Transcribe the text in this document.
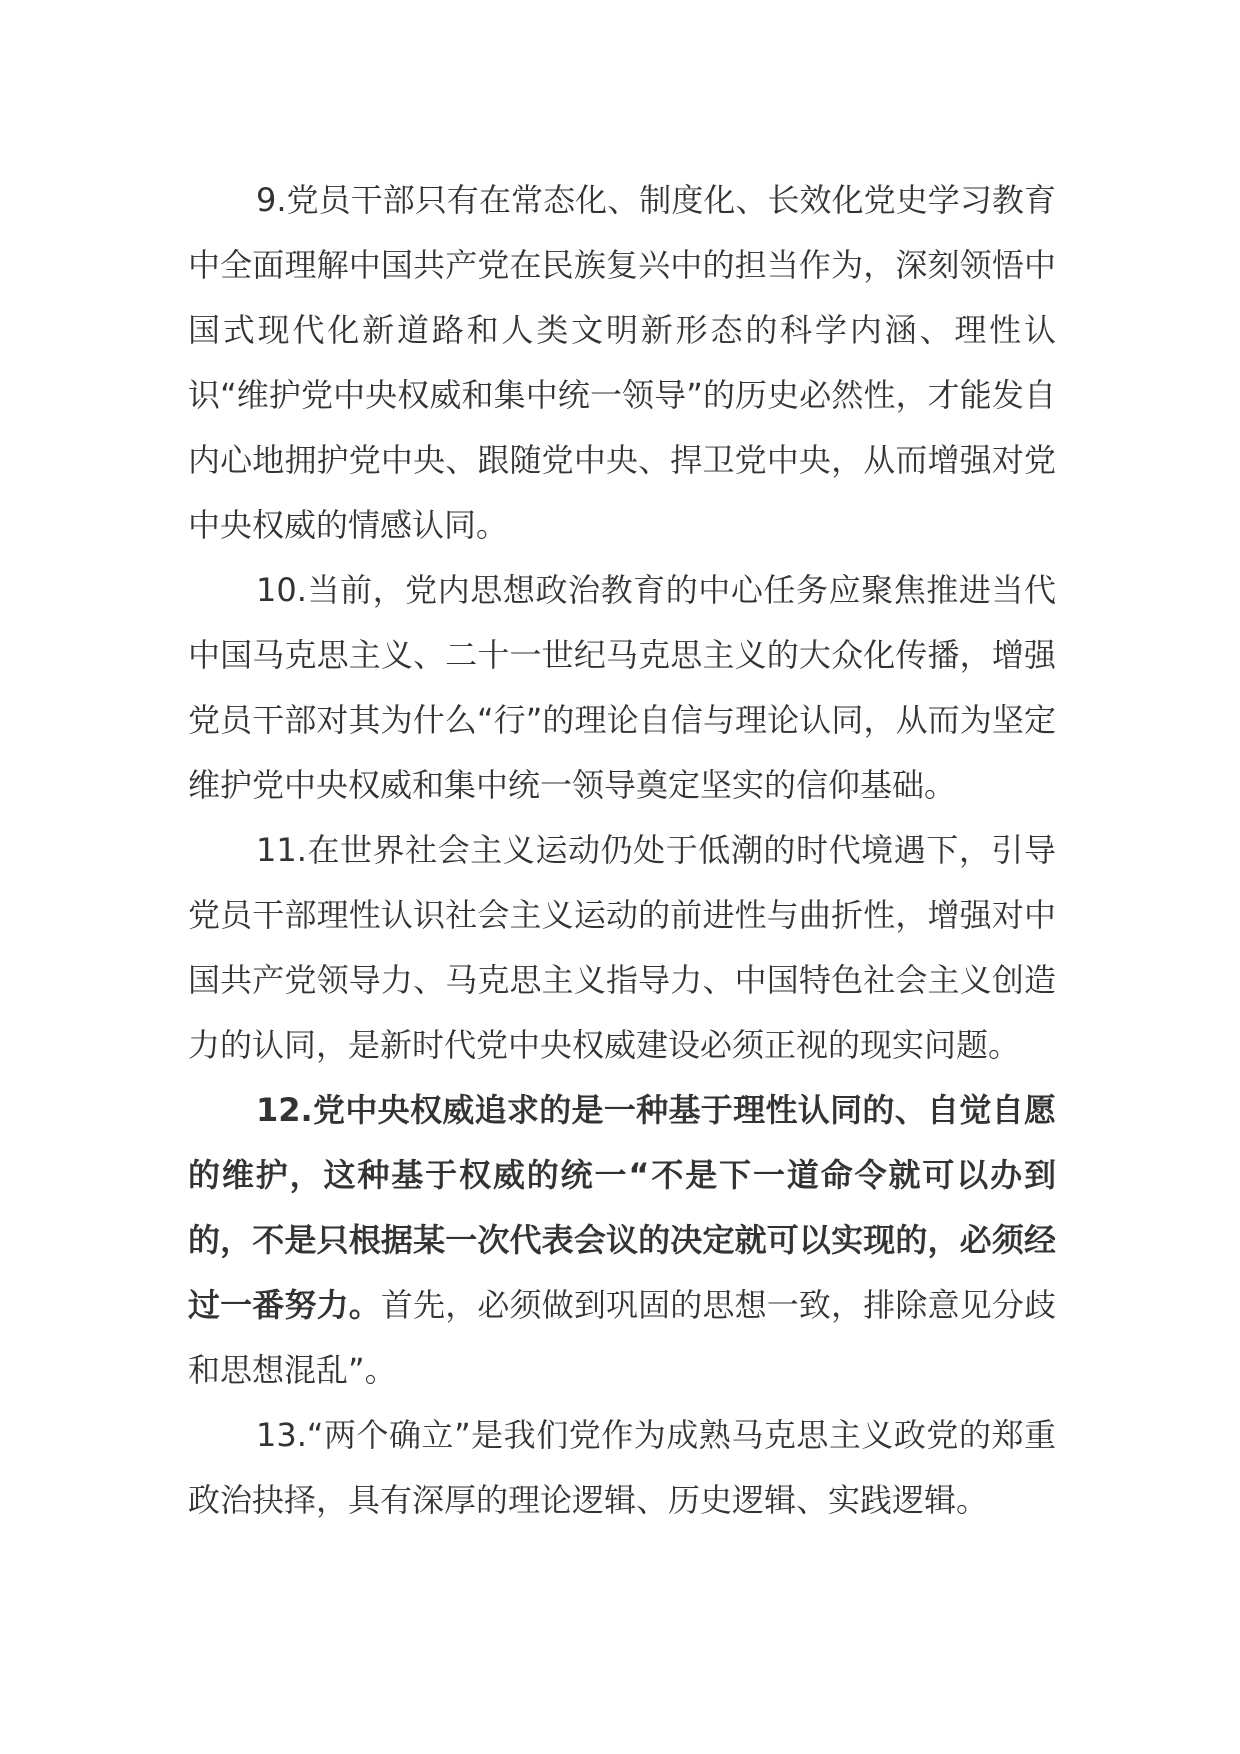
9.党员干部只有在常态化、制度化、长效化党史学习教育中全面理解中国共产党在民族复兴中的担当作为，深刻领悟中国式现代化新道路和人类文明新形态的科学内涵、理性认识“维护党中央权威和集中统一领导”的历史必然性，才能发自内心地拥护党中央、跟随党中央、捍卫党中央，从而增强对党中央权威的情感认同。

10.当前，党内思想政治教育的中心任务应聚焦推进当代中国马克思主义、二十一世纪马克思主义的大众化传播，增强党员干部对其为什么“行”的理论自信与理论认同，从而为坚定维护党中央权威和集中统一领导奠定坚实的信仰基础。

11.在世界社会主义运动仍处于低潮的时代境遇下，引导党员干部理性认识社会主义运动的前进性与曲折性，增强对中国共产党领导力、马克思主义指导力、中国特色社会主义创造力的认同，是新时代党中央权威建设必须正视的现实问题。

12.党中央权威追求的是一种基于理性认同的、自觉自愿的维护，这种基于权威的统一“不是下一道命令就可以办到的，不是只根据某一次代表会议的决定就可以实现的，必须经过一番努力。首先，必须做到巩固的思想一致，排除意见分歧和思想混乱”。

13.“两个确立”是我们党作为成熟马克思主义政党的郑重政治抉择，具有深厚的理论逻辑、历史逻辑、实践逻辑。
